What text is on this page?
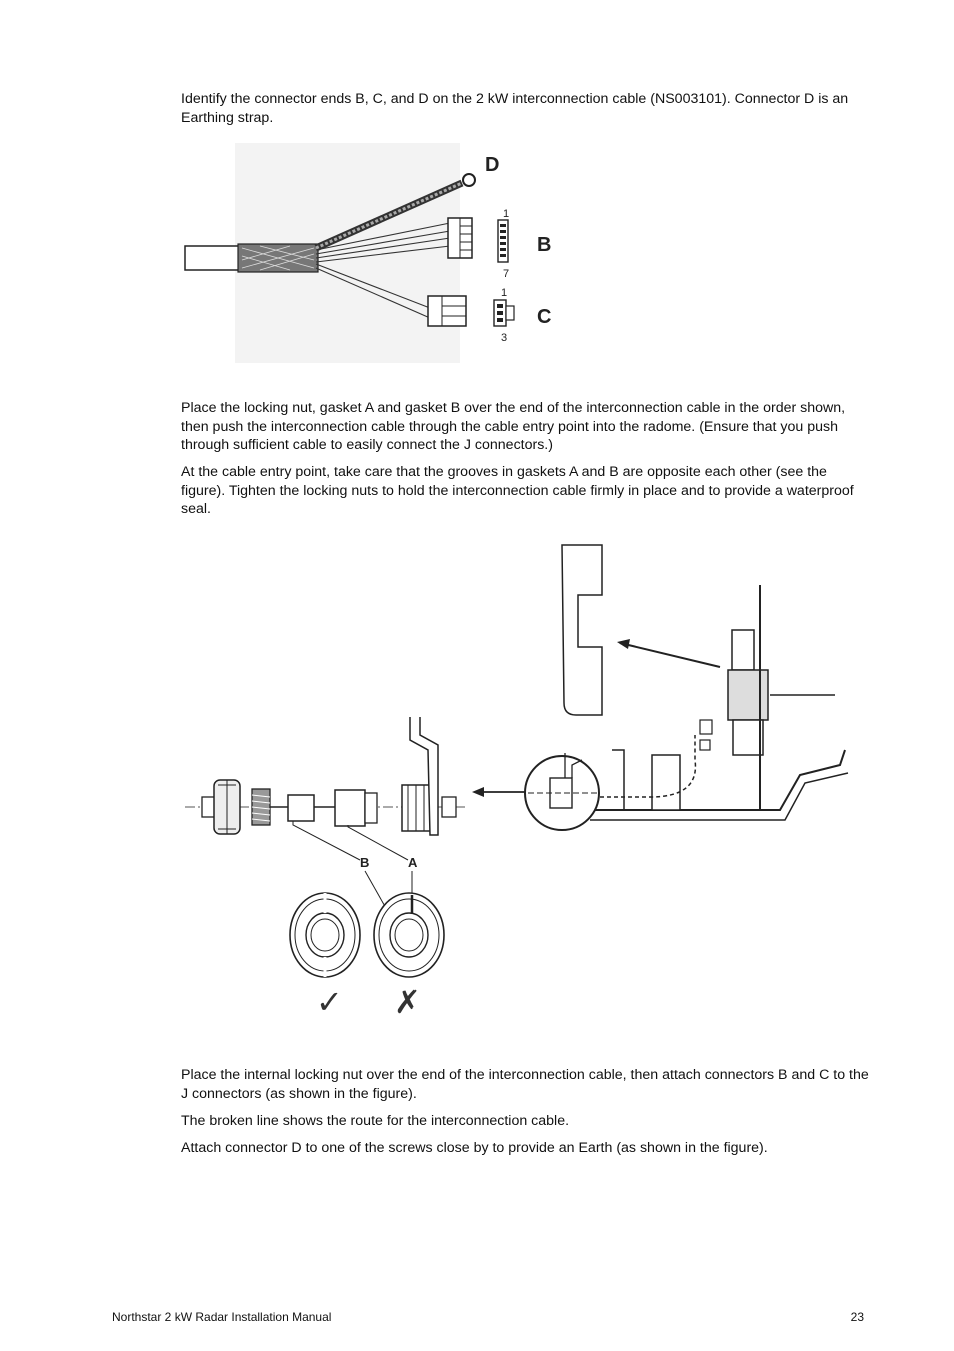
Identify the connector ends B, C, and D on the 2 kW interconnection cable (NS003101). Connector D is an Earthing strap.

D
B
C
1
7
1
3

Place the locking nut, gasket A and gasket B over the end of the interconnection cable in the order shown, then push the interconnection cable through the cable entry point into the radome. (Ensure that you push through sufficient cable to easily connect the J connectors.)

At the cable entry point, take care that the grooves in gaskets A and B are opposite each other (see the figure). Tighten the locking nuts to hold the interconnection cable firmly in place and to provide a waterproof seal.

B	A
✓ ✗

Place the internal locking nut over the end of the interconnection cable, then attach connectors B and C to the J connectors (as shown in the figure).

The broken line shows the route for the interconnection cable.

Attach connector D to one of the screws close by to provide an Earth (as shown in the figure).

Northstar 2 kW Radar Installation Manual	23
